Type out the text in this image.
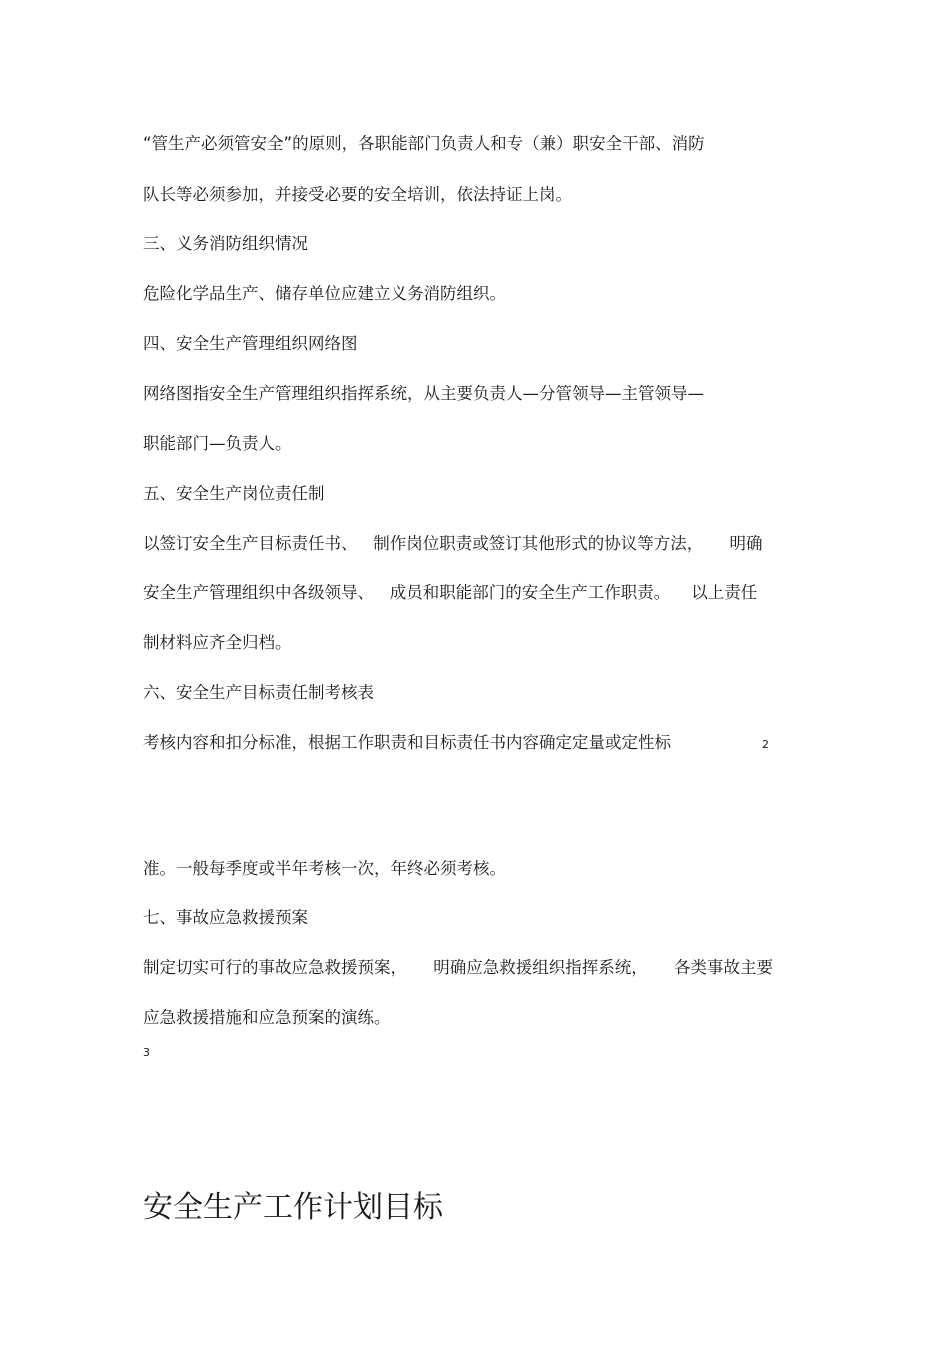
“管生产必须管安全”的原则，各职能部门负责人和专（兼）职安全干部、消防
队长等必须参加，并接受必要的安全培训，依法持证上岗。
三、义务消防组织情况
危险化学品生产、储存单位应建立义务消防组织。
四、安全生产管理组织网络图
网络图指安全生产管理组织指挥系统，从主要负责人—分管领导—主管领导—
职能部门—负责人。
五、安全生产岗位责任制
以签订安全生产目标责任书、   制作岗位职责或签订其他形式的协议等方法，     明确
安全生产管理组织中各级领导、   成员和职能部门的安全生产工作职责。    以上责任
制材料应齐全归档。
六、安全生产目标责任制考核表
考核内容和扣分标准，根据工作职责和目标责任书内容确定定量或定性标	2
准。一般每季度或半年考核一次，年终必须考核。
七、事故应急救援预案
制定切实可行的事故应急救援预案，     明确应急救援组织指挥系统，     各类事故主要
应急救援措施和应急预案的演练。
3
安全生产工作计划目标
